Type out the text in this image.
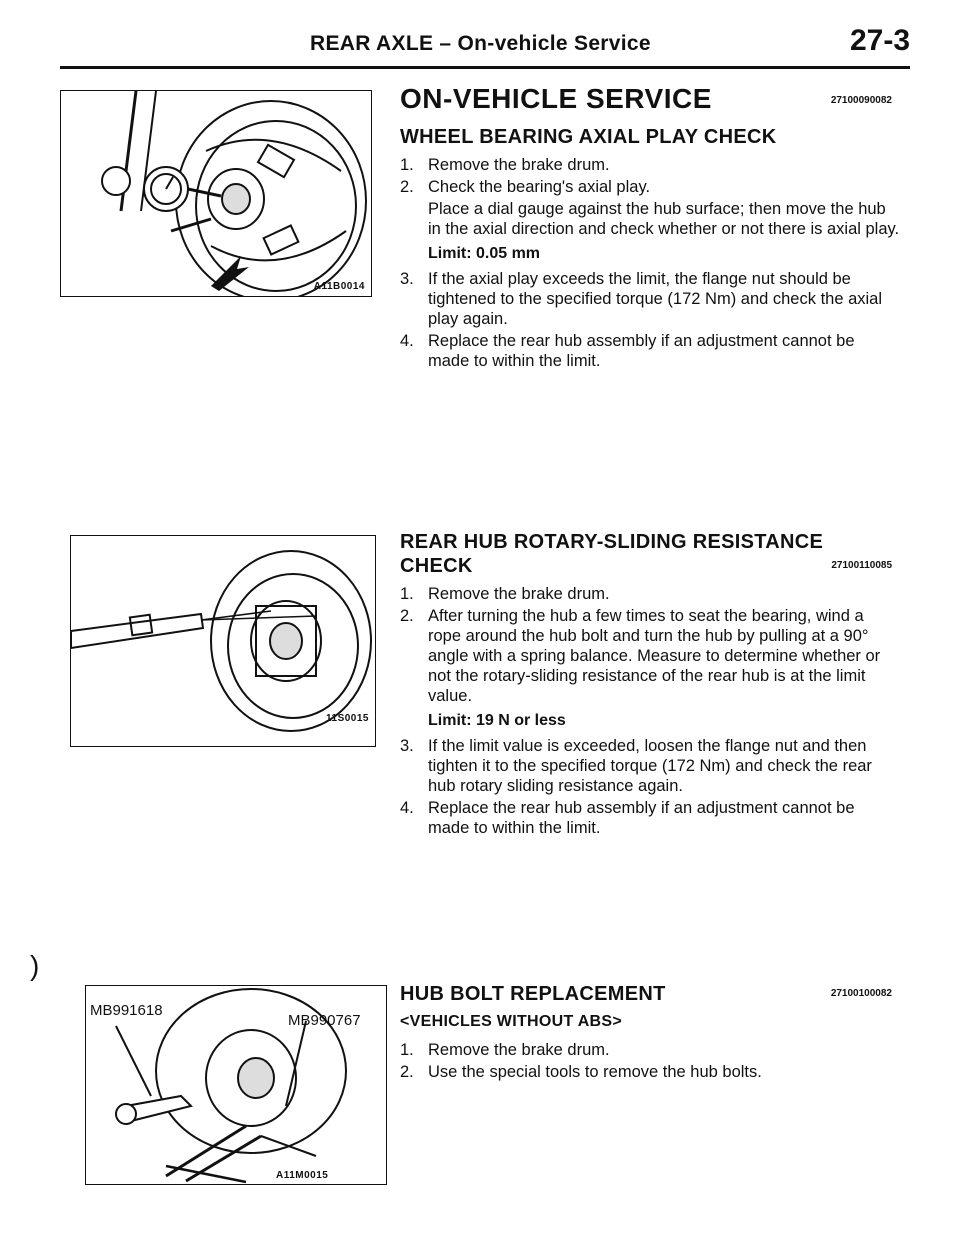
REAR AXLE – On-vehicle Service	27-3
A11B0014
11S0015
MB991618
MB990767
A11M0015
)
ON-VEHICLE SERVICE	27100090082
WHEEL BEARING AXIAL PLAY CHECK
1. Remove the brake drum.
2. Check the bearing's axial play.
Place a dial gauge against the hub surface; then move the hub in the axial direction and check whether or not there is axial play.
Limit: 0.05 mm
3. If the axial play exceeds the limit, the flange nut should be tightened to the specified torque (172 Nm) and check the axial play again.
4. Replace the rear hub assembly if an adjustment cannot be made to within the limit.
REAR HUB ROTARY-SLIDING RESISTANCE
CHECK	27100110085
1. Remove the brake drum.
2. After turning the hub a few times to seat the bearing, wind a rope around the hub bolt and turn the hub by pulling at a 90° angle with a spring balance. Measure to determine whether or not the rotary-sliding resistance of the rear hub is at the limit value.
Limit: 19 N or less
3. If the limit value is exceeded, loosen the flange nut and then tighten it to the specified torque (172 Nm) and check the rear hub rotary sliding resistance again.
4. Replace the rear hub assembly if an adjustment cannot be made to within the limit.
HUB BOLT REPLACEMENT	27100100082
<VEHICLES WITHOUT ABS>
1. Remove the brake drum.
2. Use the special tools to remove the hub bolts.
